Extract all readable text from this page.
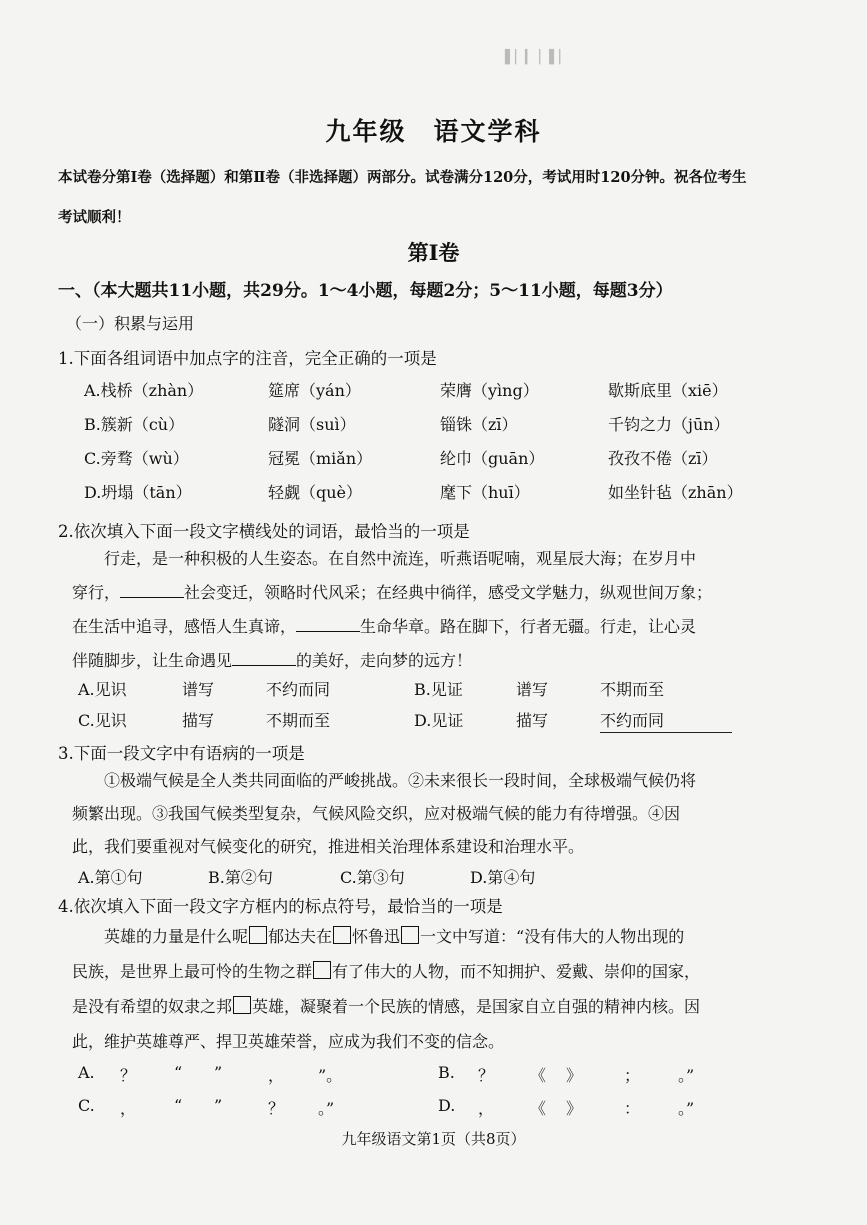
▌▏▎ ▏▌▏
九年级　语文学科
本试卷分第Ⅰ卷（选择题）和第Ⅱ卷（非选择题）两部分。试卷满分120分，考试用时120分钟。祝各位考生
考试顺利！
第Ⅰ卷
一、（本大题共11小题，共29分。1～4小题，每题2分；5～11小题，每题3分）
（一）积累与运用
1.下面各组词语中加点字的注音，完全正确的一项是
A.栈桥（zhàn）	筵席（yán）	荣膺（yìng）	歇斯底里（xiē）
B.簇新（cù）	隧洞（suì）	锱铢（zī）	千钧之力（jūn）
C.旁骛（wù）	冠冕（miǎn）	纶巾（guān）	孜孜不倦（zī）
D.坍塌（tān）	轻觑（què）	麾下（huī）	如坐针毡（zhān）
2.依次填入下面一段文字横线处的词语，最恰当的一项是
行走，是一种积极的人生姿态。在自然中流连，听燕语呢喃，观星辰大海；在岁月中
穿行，	社会变迁，领略时代风采；在经典中徜徉，感受文学魅力，纵观世间万象；
在生活中追寻，感悟人生真谛，	生命华章。路在脚下，行者无疆。行走，让心灵
伴随脚步，让生命遇见	的美好，走向梦的远方！
A.见识	谱写	不约而同	B.见证	谱写	不期而至
C.见识	描写	不期而至	D.见证	描写	不约而同
3.下面一段文字中有语病的一项是
①极端气候是全人类共同面临的严峻挑战。②未来很长一段时间，全球极端气候仍将
频繁出现。③我国气候类型复杂，气候风险交织，应对极端气候的能力有待增强。④因
此，我们要重视对气候变化的研究，推进相关治理体系建设和治理水平。
A.第①句	B.第②句	C.第③句	D.第④句
4.依次填入下面一段文字方框内的标点符号，最恰当的一项是
英雄的力量是什么呢 郁达夫在 怀鲁迅 一文中写道：“没有伟大的人物出现的
民族，是世界上最可怜的生物之群 有了伟大的人物，而不知拥护、爱戴、崇仰的国家，
是没有希望的奴隶之邦 英雄，凝聚着一个民族的情感，是国家自立自强的精神内核。因
此，维护英雄尊严、捍卫英雄荣誉，应成为我们不变的信念。
A. ？ “ ”	， ”。	B. ？ 《 》	； 。”
C. ， “ ”	？ 。”	D. ， 《 》	： 。”
九年级语文第1页（共8页）
